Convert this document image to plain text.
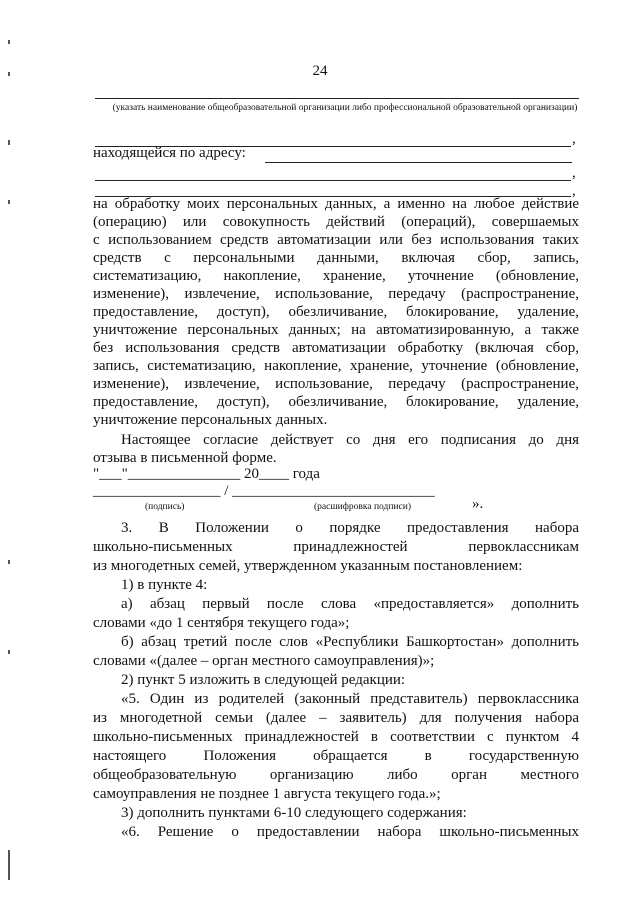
24
(указать наименование общеобразовательной организации либо профессиональной образовательной организации)
,
находящейся по адресу:
,
,
на обработку моих персональных данных, а именно на любое действие
(операцию) или совокупность действий (операций), совершаемых
с использованием средств автоматизации или без использования таких
средств с персональными данными, включая сбор, запись,
систематизацию, накопление, хранение, уточнение (обновление,
изменение), извлечение, использование, передачу (распространение,
предоставление, доступ), обезличивание, блокирование, удаление,
уничтожение персональных данных; на автоматизированную, а также
без использования средств автоматизации обработку (включая сбор,
запись, систематизацию, накопление, хранение, уточнение (обновление,
изменение), извлечение, использование, передачу (распространение,
предоставление, доступ), обезличивание, блокирование, удаление,
уничтожение персональных данных.
Настоящее согласие действует со дня его подписания до дня
отзыва в письменной форме.
"___"_______________ 20____ года
_________________ / ___________________________
(подпись)	(расшифровка подписи)	».
3. В Положении о порядке предоставления набора
школьно-письменных принадлежностей первоклассникам
из многодетных семей, утвержденном указанным постановлением:
1) в пункте 4:
а) абзац первый после слова «предоставляется» дополнить
словами «до 1 сентября текущего года»;
б) абзац третий после слов «Республики Башкортостан» дополнить
словами «(далее – орган местного самоуправления)»;
2) пункт 5 изложить в следующей редакции:
«5. Один из родителей (законный представитель) первоклассника
из многодетной семьи (далее – заявитель) для получения набора
школьно-письменных принадлежностей в соответствии с пунктом 4
настоящего Положения обращается в государственную
общеобразовательную организацию либо орган местного
самоуправления не позднее 1 августа текущего года.»;
3) дополнить пунктами 6-10 следующего содержания:
«6. Решение о предоставлении набора школьно-письменных
